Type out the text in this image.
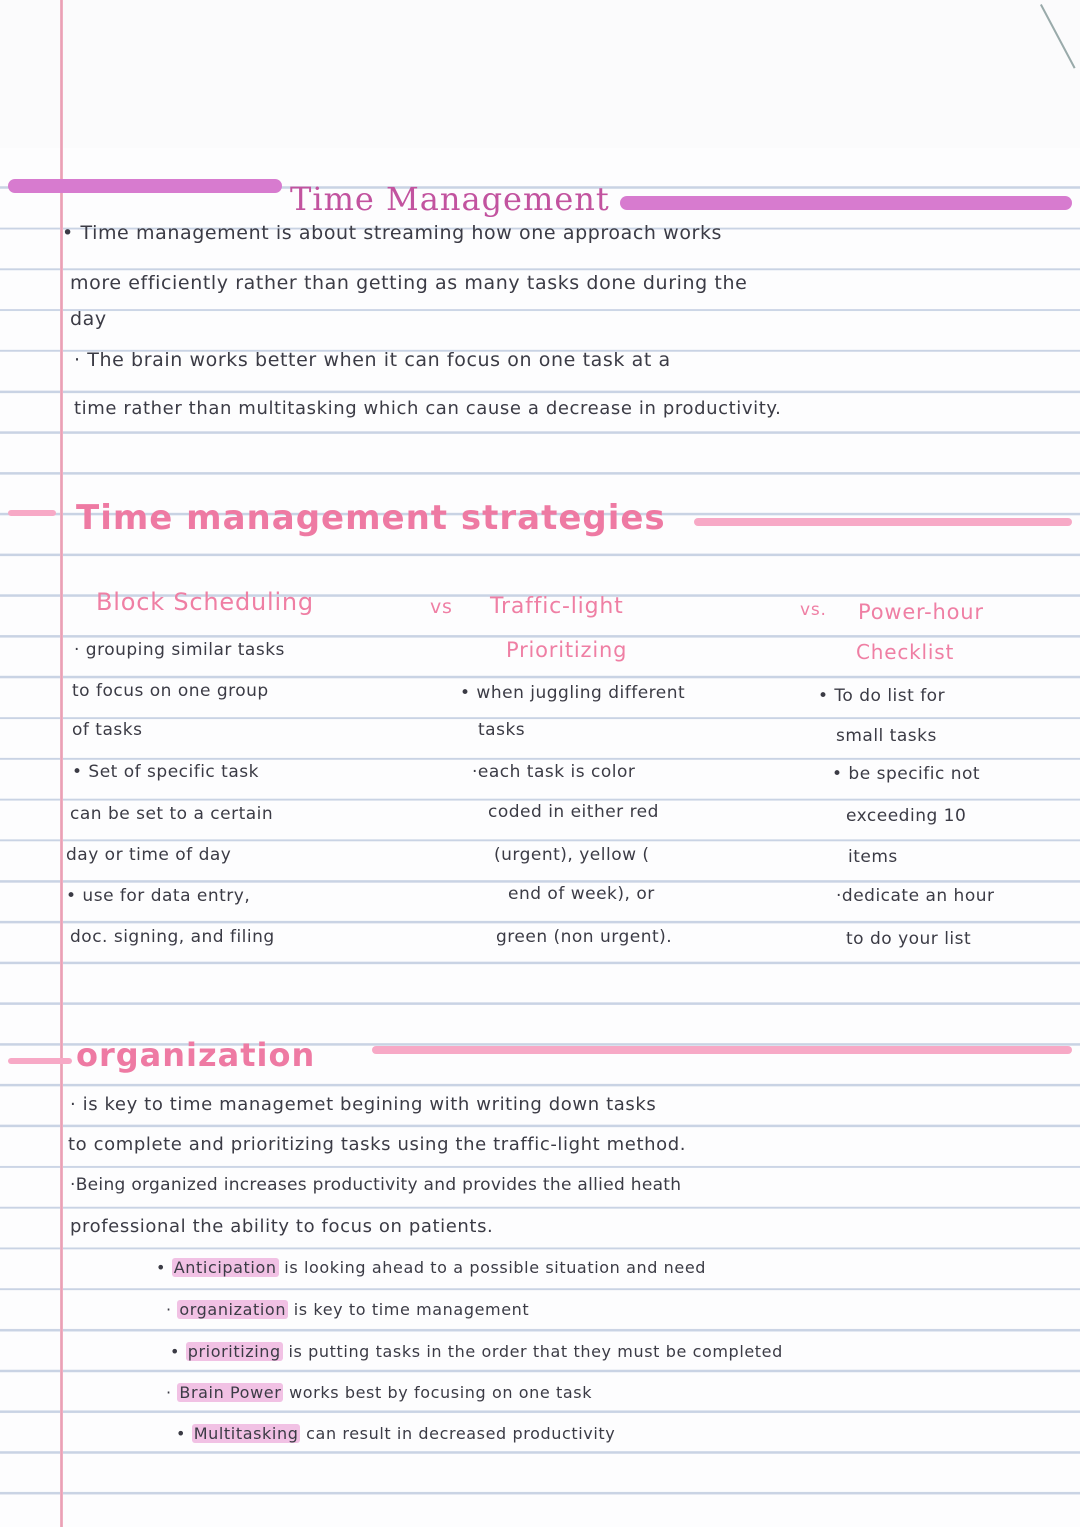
Time Management
• Time management is about streaming how one approach works
more efficiently rather than getting as many tasks done during the
day
· The brain works better when it can focus on one task at a
time rather than multitasking which can cause a decrease in productivity.
Time management strategies
Block Scheduling	vs Traffic-light
Prioritizing
vs. Power-hour
Checklist
· grouping similar tasks
to focus on one group
of tasks
• Set of specific task
can be set to a certain
day or time of day
• use for data entry,
doc. signing, and filing
• when juggling different
tasks
·each task is color
coded in either red
(urgent), yellow (
end of week), or
green (non urgent).
• To do list for
small tasks
• be specific not
exceeding 10
items
·dedicate an hour
to do your list
organization
· is key to time managemet begining with writing down tasks
to complete and prioritizing tasks using the traffic-light method.
·Being organized increases productivity and provides the allied heath
professional the ability to focus on patients.
• Anticipation is looking ahead to a possible situation and need
· organization is key to time management
• prioritizing is putting tasks in the order that they must be completed
· Brain Power works best by focusing on one task
• Multitasking can result in decreased productivity
